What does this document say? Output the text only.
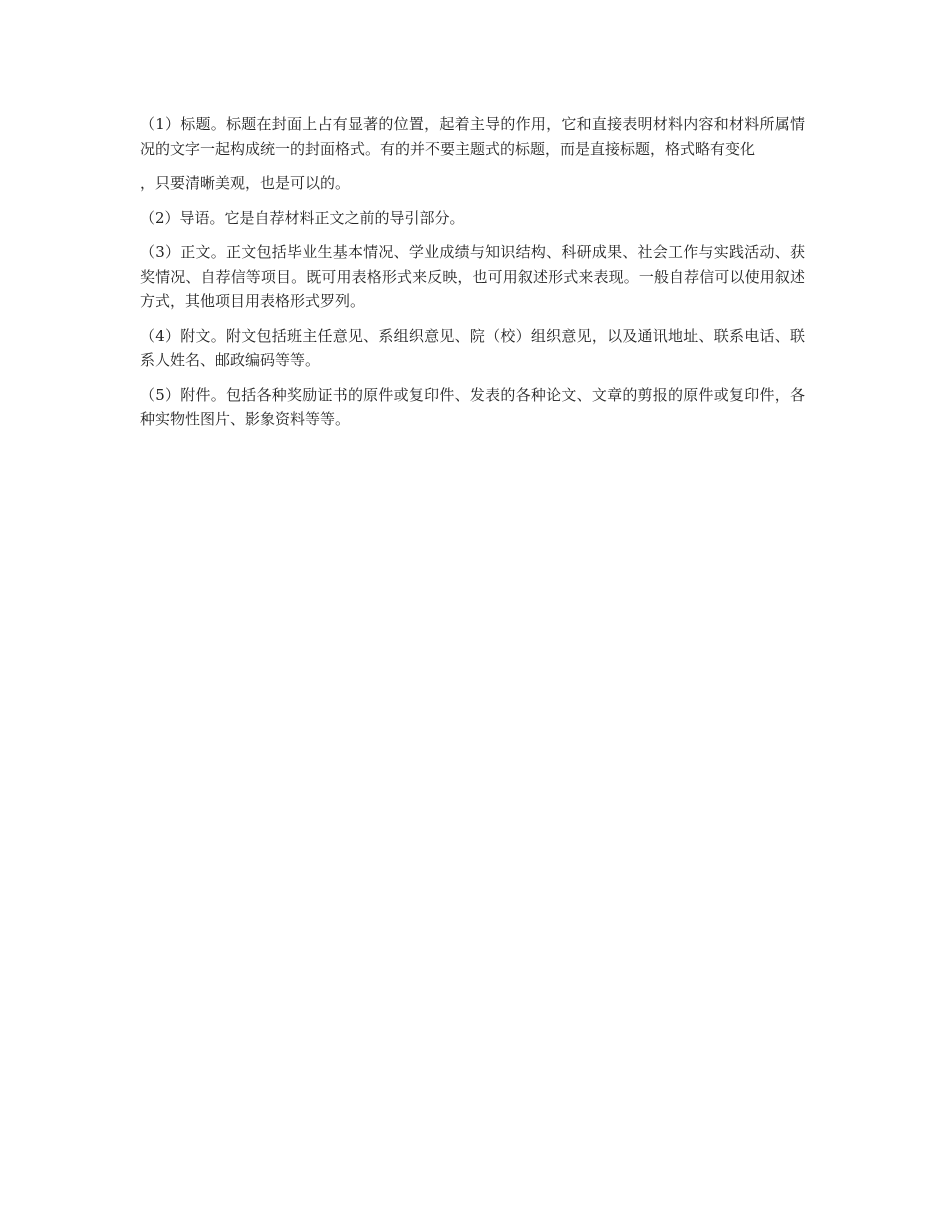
（1）标题。标题在封面上占有显著的位置，起着主导的作用，它和直接表明材料内容和材料所属情况的文字一起构成统一的封面格式。有的并不要主题式的标题，而是直接标题，格式略有变化

，只要清晰美观，也是可以的。

（2）导语。它是自荐材料正文之前的导引部分。

（3）正文。正文包括毕业生基本情况、学业成绩与知识结构、科研成果、社会工作与实践活动、获奖情况、自荐信等项目。既可用表格形式来反映，也可用叙述形式来表现。一般自荐信可以使用叙述方式，其他项目用表格形式罗列。

（4）附文。附文包括班主任意见、系组织意见、院（校）组织意见，以及通讯地址、联系电话、联系人姓名、邮政编码等等。

（5）附件。包括各种奖励证书的原件或复印件、发表的各种论文、文章的剪报的原件或复印件，各种实物性图片、影象资料等等。
